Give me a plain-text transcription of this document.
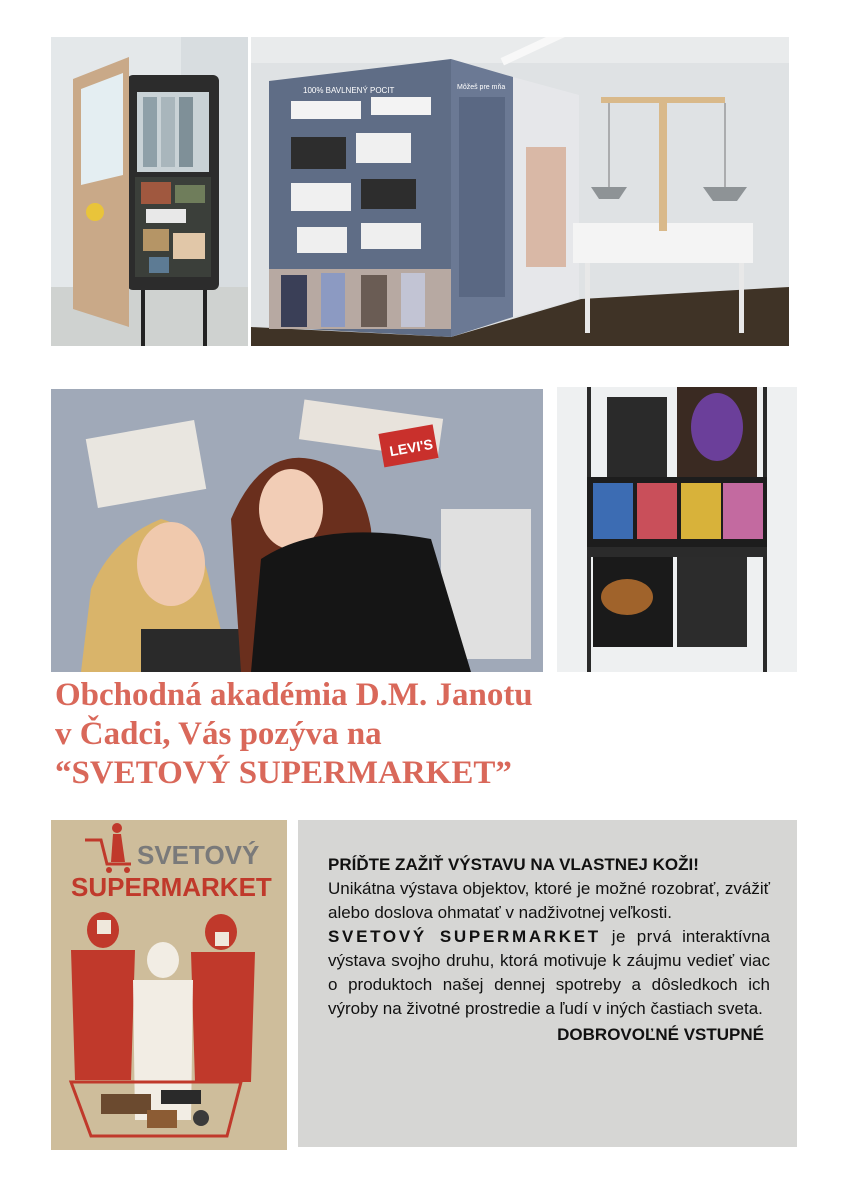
100% BAVLNENÝ POCIT	Môžeš pre mňa
LEVI'S
SVETOVÝ
SUPERMARKET
Obchodná akadémia D.M. Janotu
v Čadci, Vás pozýva na
“SVETOVÝ SUPERMARKET”
PRÍĎTE ZAŽIŤ VÝSTAVU NA VLASTNEJ KOŽI!
Unikátna výstava objektov, ktoré je možné rozobrať, zvážiť alebo doslova ohmatať v nadživotnej veľkosti.
SVETOVÝ SUPERMARKET je prvá interaktívna výstava svojho druhu, ktorá motivuje k záujmu vedieť viac o produktoch našej dennej spotreby a dôsledkoch ich výroby na životné prostredie a ľudí v iných častiach sveta.
DOBROVOĽNÉ VSTUPNÉ
